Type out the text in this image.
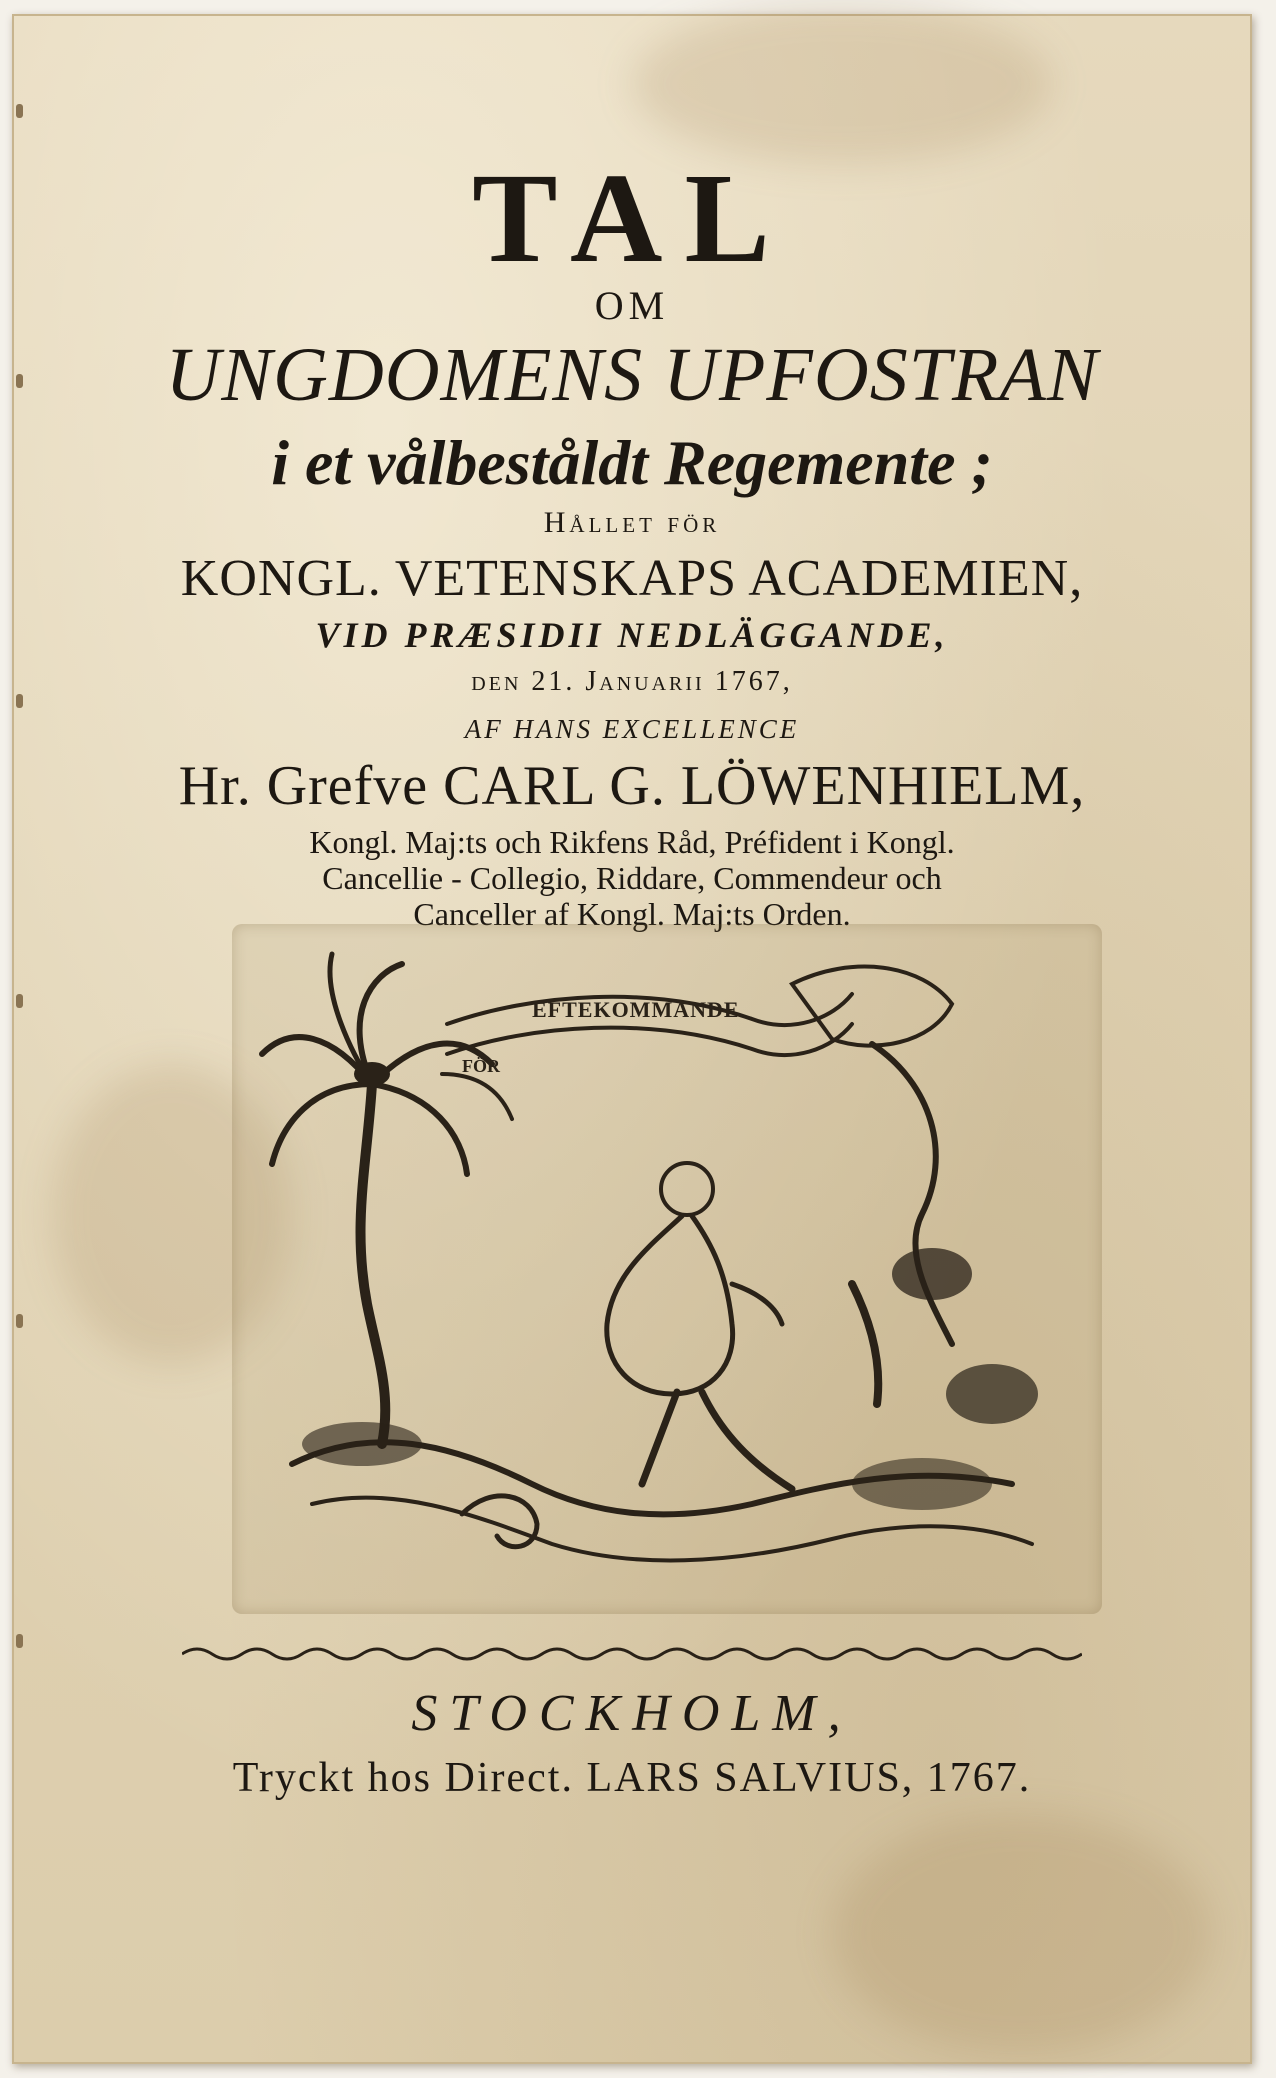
TAL
OM
UNGDOMENS UPFOSTRAN
i et vålbeståldt Regemente ;
Hållet för
KONGL. VETENSKAPS ACADEMIEN,
VID PRÆSIDII NEDLÄGGANDE,
den 21. Januarii 1767,
AF HANS EXCELLENCE
Hr. Grefve CARL G. LÖWENHIELM,
Kongl. Maj:ts och Rikfens Råd, Préfident i Kongl.
Cancellie - Collegio, Riddare, Commendeur och
Canceller af Kongl. Maj:ts Orden.
EFTEKOMMANDE
FÖR
STOCKHOLM,
Tryckt hos Direct. LARS SALVIUS, 1767.
